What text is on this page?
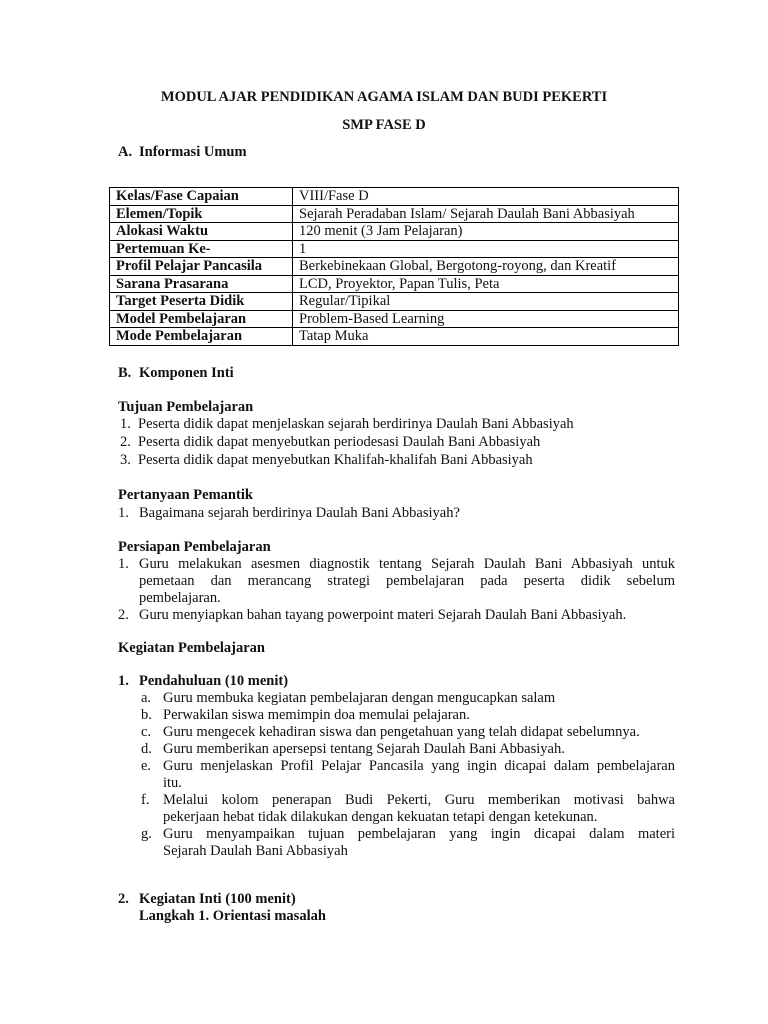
MODUL AJAR PENDIDIKAN AGAMA ISLAM DAN BUDI PEKERTI
SMP FASE D
A. Informasi Umum
Kelas/Fase Capaian	VIII/Fase D
Elemen/Topik	Sejarah Peradaban Islam/ Sejarah Daulah Bani Abbasiyah
Alokasi Waktu	120 menit (3 Jam Pelajaran)
Pertemuan Ke-	1
Profil Pelajar Pancasila	Berkebinekaan Global, Bergotong-royong, dan Kreatif
Sarana Prasarana	LCD, Proyektor, Papan Tulis, Peta
Target Peserta Didik	Regular/Tipikal
Model Pembelajaran	Problem-Based Learning
Mode Pembelajaran	Tatap Muka
B. Komponen Inti
Tujuan Pembelajaran
1. Peserta didik dapat menjelaskan sejarah berdirinya Daulah Bani Abbasiyah
2. Peserta didik dapat menyebutkan periodesasi Daulah Bani Abbasiyah
3. Peserta didik dapat menyebutkan Khalifah-khalifah Bani Abbasiyah
Pertanyaan Pemantik
1. Bagaimana sejarah berdirinya Daulah Bani Abbasiyah?
Persiapan Pembelajaran
1. Guru melakukan asesmen diagnostik tentang Sejarah Daulah Bani Abbasiyah untuk
pemetaan dan merancang strategi pembelajaran pada peserta didik sebelum
pembelajaran.
2. Guru menyiapkan bahan tayang powerpoint materi Sejarah Daulah Bani Abbasiyah.
Kegiatan Pembelajaran
1. Pendahuluan (10 menit)
a. Guru membuka kegiatan pembelajaran dengan mengucapkan salam
b. Perwakilan siswa memimpin doa memulai pelajaran.
c. Guru mengecek kehadiran siswa dan pengetahuan yang telah didapat sebelumnya.
d. Guru memberikan apersepsi tentang Sejarah Daulah Bani Abbasiyah.
e. Guru menjelaskan Profil Pelajar Pancasila yang ingin dicapai dalam pembelajaran
itu.
f. Melalui kolom penerapan Budi Pekerti, Guru memberikan motivasi bahwa
pekerjaan hebat tidak dilakukan dengan kekuatan tetapi dengan ketekunan.
g. Guru menyampaikan tujuan pembelajaran yang ingin dicapai dalam materi
Sejarah Daulah Bani Abbasiyah
2. Kegiatan Inti (100 menit)
Langkah 1. Orientasi masalah
